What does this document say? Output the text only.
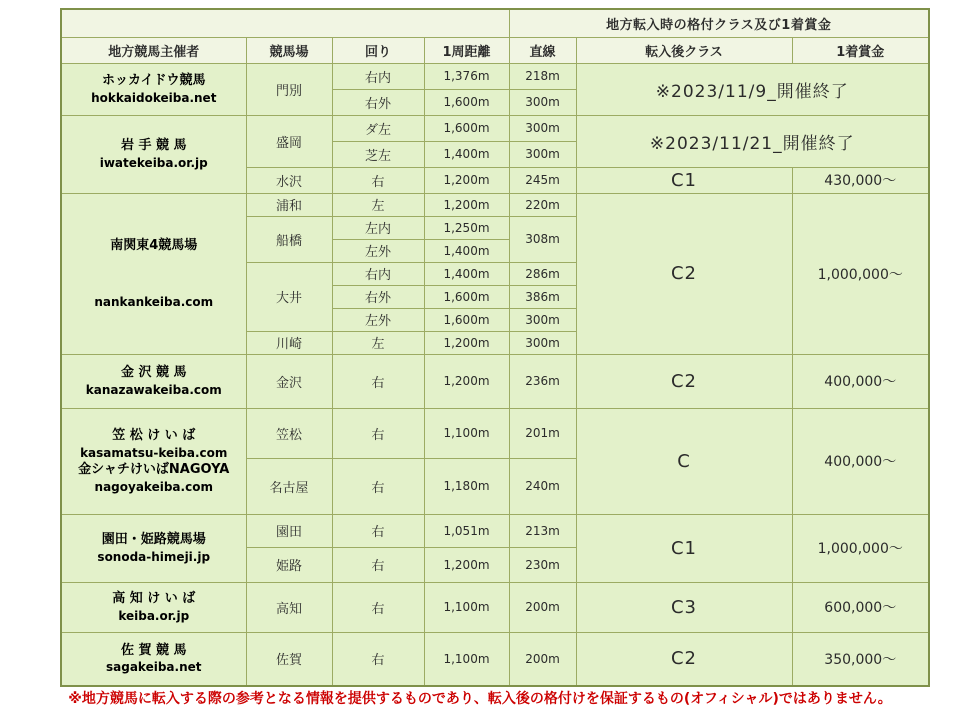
				地方転入時の格付クラス及び1着賞金		
地方競馬主催者	競馬場	回り	1周距離	直線	転入後クラス	1着賞金

ホッカイドウ競馬
hokkaidokeiba.net	門別	右内	1,376m	218m	※2023/11/9_開催終了	
		右外	1,600m	300m		

岩 手 競 馬
iwatekeiba.or.jp	盛岡	ダ左	1,600m	300m	※2023/11/21_開催終了	
		芝左	1,400m	300m		
	水沢	右	1,200m	245m	C1	430,000～

南関東4競馬場
nankankeiba.com	浦和	左	1,200m	220m	C2	1,000,000～
	船橋	左内	1,250m	308m		
		左外	1,400m			
	大井	右内	1,400m	286m		
		右外	1,600m	386m		
		左外	1,600m	300m		
	川崎	左	1,200m	300m		

金 沢 競 馬
kanazawakeiba.com	金沢	右	1,200m	236m	C2	400,000～

笠 松 け い ば
kasamatsu-keiba.com
金シャチけいばNAGOYA
nagoyakeiba.com	笠松	右	1,100m	201m	C	400,000～
	名古屋	右	1,180m	240m		

園田・姫路競馬場
sonoda-himeji.jp	園田	右	1,051m	213m	C1	1,000,000～
	姫路	右	1,200m	230m		

高 知 け い ば
keiba.or.jp	高知	右	1,100m	200m	C3	600,000～

佐 賀 競 馬
sagakeiba.net	佐賀	右	1,100m	200m	C2	350,000～
※地方競馬に転入する際の参考となる情報を提供するものであり、転入後の格付けを保証するもの(オフィシャル)ではありません。
